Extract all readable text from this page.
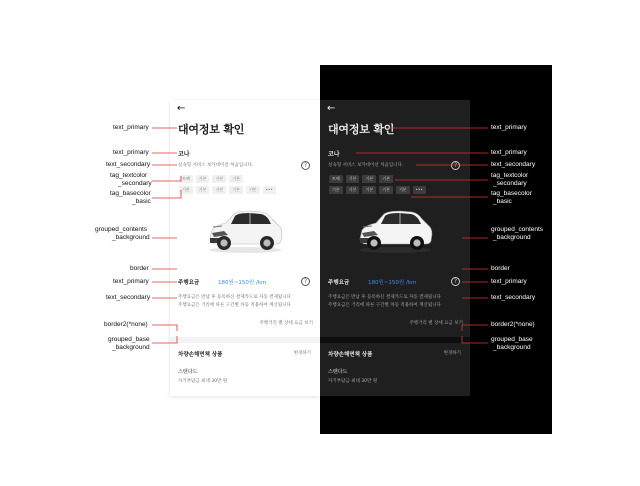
←
대여정보 확인
코나
실속형 서비스 보카데이션 처음입니다.	?
트랙	기본	기본	기본
기본	기본	기본	기본	기본	•••
주행요금	180원~150원 /km	?
주행요금은 반납 후 등록하신 결제카드로 자동 결제됩니다
주행요금은 거리에 따른 구간별 차등 적용하여 계산됩니다
주행거리 별 상세 요금 보기
차량손해면책 상품	변경하기
스탠다드
자기부담금 최대 30만 원
←
대여정보 확인
코나
실속형 서비스 보카데이션 처음입니다.	?
트랙	기본	기본	기본
기본	기본	기본	기본	기본	•••
주행요금	180원~150원 /km	?
주행요금은 반납 후 등록하신 결제카드로 자동 결제됩니다
주행요금은 거리에 따른 구간별 차등 적용하여 계산됩니다
주행거리 별 상세 요금 보기
차량손해면책 상품	변경하기
스탠다드
자기부담금 최대 30만 원
text_primary
text_primary
text_secondary
tag_textcolor
_secondary
tag_basecolor
_basic
grouped_contents
_background
border
text_primary
text_secondary
border2(*none)
grouped_base
_background
text_primary
text_primary
text_secondary
tag_textcolor
_secondary
tag_basecolor
_basic
grouped_contents
_background
border
text_primary
text_secondary
border2(*none)
grouped_base
_background
